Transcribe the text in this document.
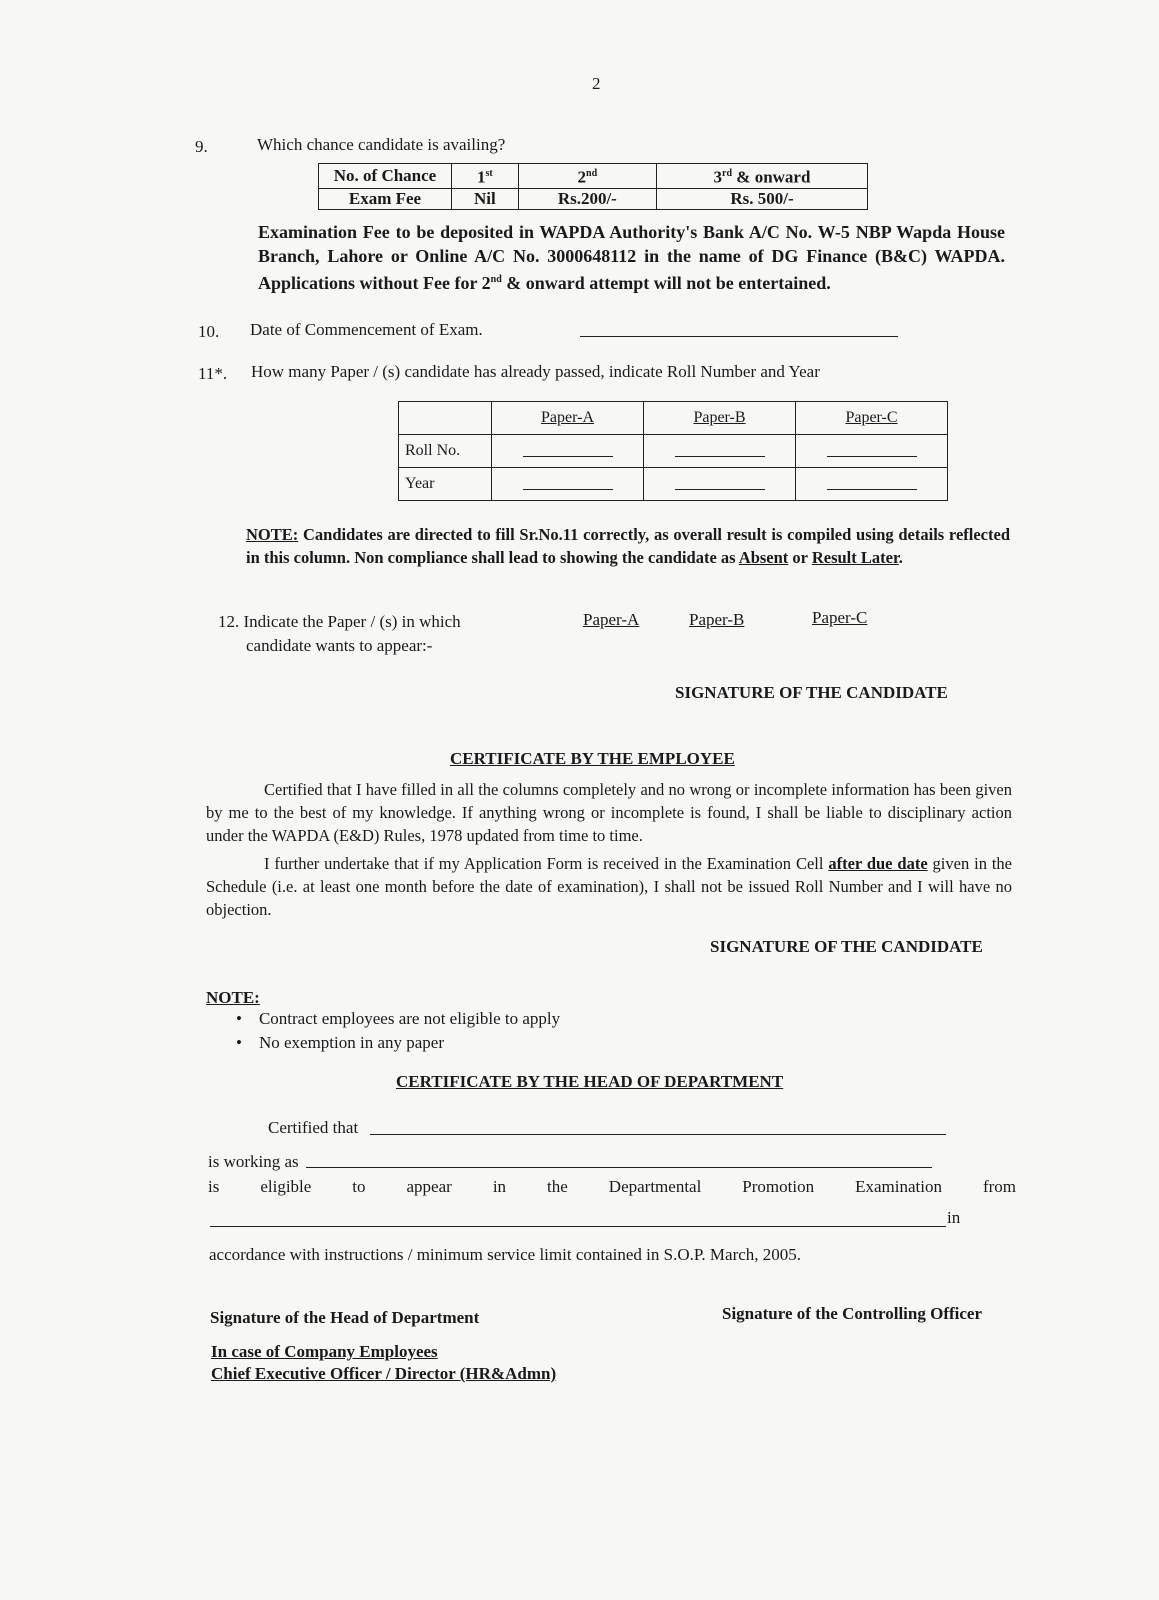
2
9.	Which chance candidate is availing?
No. of Chance	1st	2nd	3rd & onward
Exam Fee	Nil	Rs.200/-	Rs. 500/-
Examination Fee to be deposited in WAPDA Authority's Bank A/C No. W-5 NBP Wapda House Branch, Lahore or Online A/C No. 3000648112 in the name of DG Finance (B&C) WAPDA. Applications without Fee for 2nd & onward attempt will not be entertained.
10. Date of Commencement of Exam.
11*. How many Paper / (s) candidate has already passed, indicate Roll Number and Year
	Paper-A	Paper-B	Paper-C
Roll No.			
Year			
NOTE: Candidates are directed to fill Sr.No.11 correctly, as overall result is compiled using details reflected in this column. Non compliance shall lead to showing the candidate as Absent or Result Later.
12. Indicate the Paper / (s) in which
candidate wants to appear:-
Paper-A	Paper-B	Paper-C
SIGNATURE OF THE CANDIDATE
CERTIFICATE BY THE EMPLOYEE
Certified that I have filled in all the columns completely and no wrong or incomplete information has been given by me to the best of my knowledge. If anything wrong or incomplete is found, I shall be liable to disciplinary action under the WAPDA (E&D) Rules, 1978 updated from time to time.
I further undertake that if my Application Form is received in the Examination Cell after due date given in the Schedule (i.e. at least one month before the date of examination), I shall not be issued Roll Number and I will have no objection.
SIGNATURE OF THE CANDIDATE
NOTE:
•    Contract employees are not eligible to apply
•    No exemption in any paper
CERTIFICATE BY THE HEAD OF DEPARTMENT
Certified that
is working as
is eligible to appear in the Departmental Promotion Examination from
in
accordance with instructions / minimum service limit contained in S.O.P. March, 2005.
Signature of the Head of Department	Signature of the Controlling Officer
In case of Company Employees
Chief Executive Officer / Director (HR&Admn)
